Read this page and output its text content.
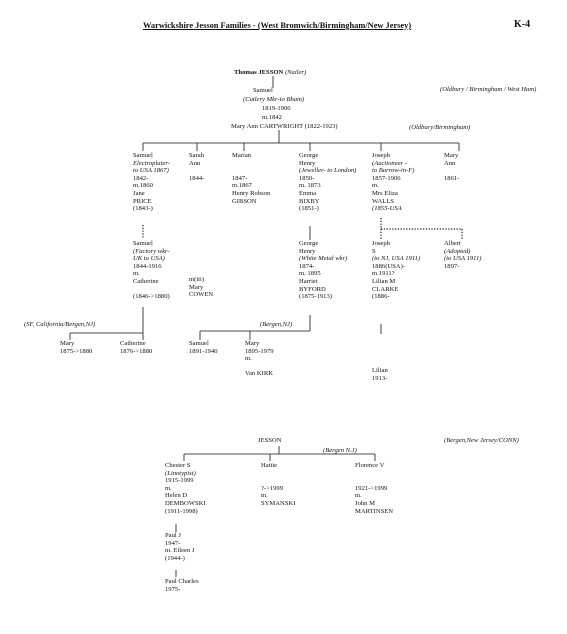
Warwickshire Jesson Families - (West Bromwich/Birmingham/New Jersey)	K-4
Thomas JESSON (Nailer)
Samuel
(Cutlery Mkr-to Bham)
1819-1906
m.1842
Mary Ann CARTWRIGHT (1822-1923)
(Oldbury / Birmingham / West Ham)
(Oldbury/Birmingham)
Samuel
Electroplater-
to USA 1867)
1842-
m.1860
Jane
PRICE
(1843-)
Sarah
Ann

1844-
Marian

1847-
m.1867
Henry Robson
GIBSON
George
Henry
(Jeweller- to London)
1850-
m. 1873
Emma
BIXBY
(1851-)
Joseph
(Auctioneer -
to Barrow-in-F)
1857-1906
m.
Mrs Eliza
WALLS
(1855-USA
Mary
Ann

1861-
Samuel
(Factory wkr-
UK to USA)
1844-1916
m.
Catherine

(1846->1880)
m(iii)
Mary
COWEN
George
Henry
(White Metal wkr)
1874-
m. 1895
Harriet
BYFORD
(1875-1913)
Joseph
S
(to NJ, USA 1911)
1886(USA)-
m.1911?
Lilian M
CLARKE
(1886-
Albert
(Adopted)
(to USA 1911)
1897-
(SF, California/Bergen,NJ)	(Bergen,NJ)
Mary
1875->1880
Catherine
1876->1880
Samuel
1891-1940
Mary
1895-1979
m.

Van KIRK	Lilian
1913-
JESSON
(Bergen N.J)
(Bergen,New Jersey/CONN)
Chester S
(Linotypist)
1915-1999
m.
Helen D
DEMBOWSKI
(1911-1998)
Hattie

?->1999
m.
SYMANSKI
Florence V

1921->1999
m.
John M
MARTINSEN
Paul J
1947-
m. Eileen J
(1944-)
Paul Charles
1975-
